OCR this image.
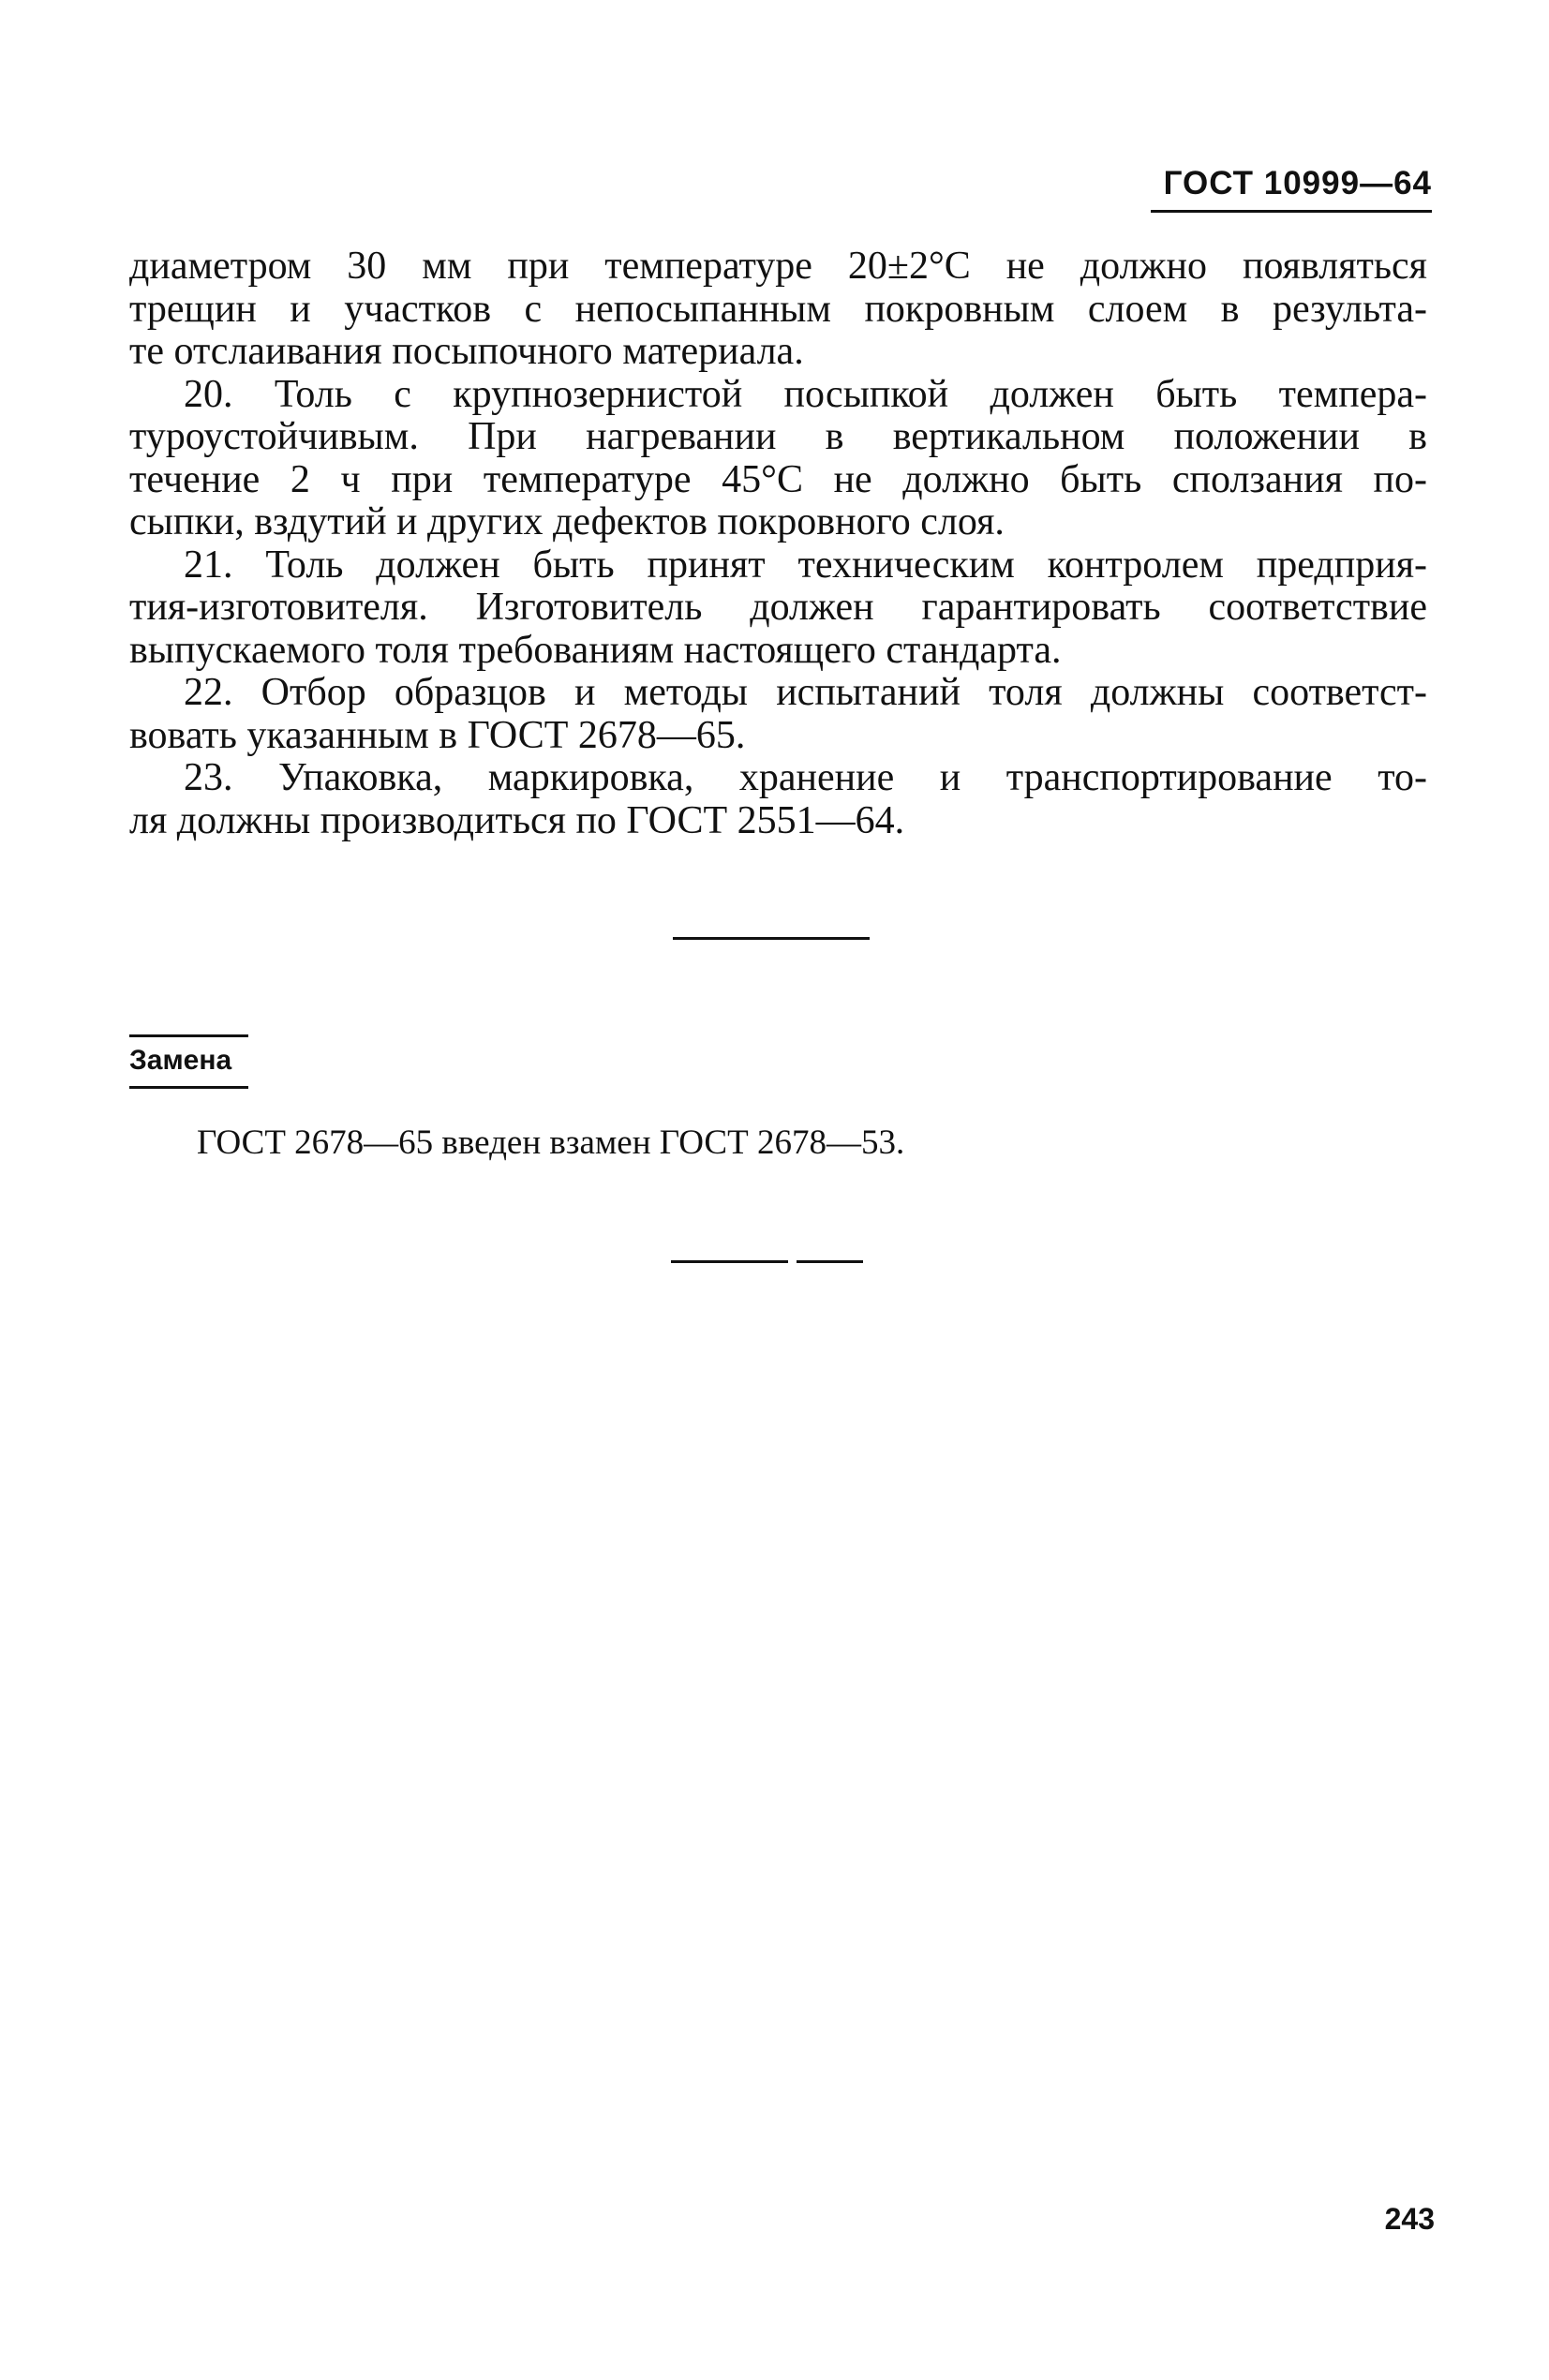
ГОСТ 10999—64

диаметром 30 мм при температуре 20±2°C не должно появляться

трещин и участков с непосыпанным покровным слоем в результа-

те отслаивания посыпочного материала.

20. Толь с крупнозернистой посыпкой должен быть темпера-

туроустойчивым. При нагревании в вертикальном положении в

течение 2 ч при температуре 45°C не должно быть сползания по-

сыпки, вздутий и других дефектов покровного слоя.

21. Толь должен быть принят техническим контролем предприя-

тия-изготовителя. Изготовитель должен гарантировать соответствие

выпускаемого толя требованиям настоящего стандарта.

22. Отбор образцов и методы испытаний толя должны соответст-

вовать указанным в ГОСТ 2678—65.

23. Упаковка, маркировка, хранение и транспортирование то-

ля должны производиться по ГОСТ 2551—64.

Замена
ГОСТ 2678—65 введен взамен ГОСТ 2678—53.
243
